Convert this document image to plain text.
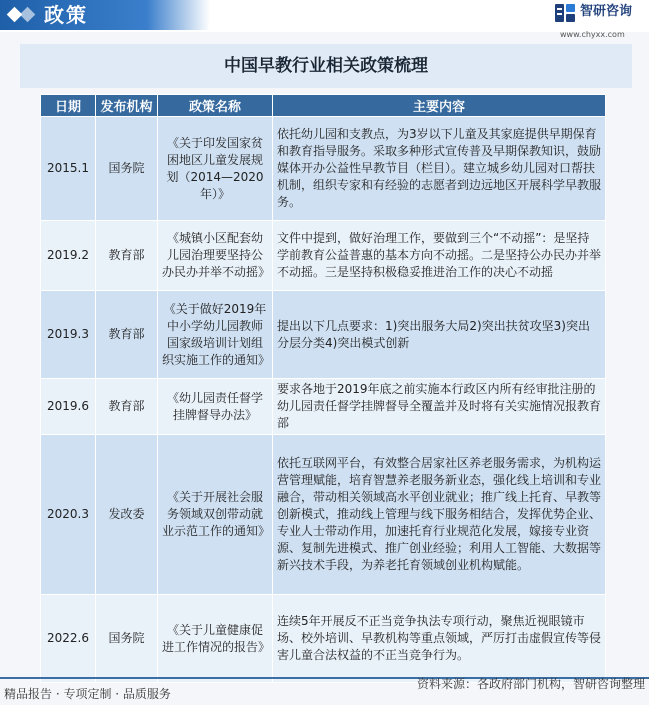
政策	智研咨询
www.chyxx.com
中国早教行业相关政策梳理
日期	发布机构	政策名称	主要内容
2015.1	国务院	《关于印发国家贫困地区儿童发展规划（2014—2020年）》	依托幼儿园和支教点，为3岁以下儿童及其家庭提供早期保育和教育指导服务。采取多种形式宣传普及早期保教知识，鼓励媒体开办公益性早教节目（栏目）。建立城乡幼儿园对口帮扶机制，组织专家和有经验的志愿者到边远地区开展科学早教服务。
2019.2	教育部	《城镇小区配套幼儿园治理要坚持公办民办并举不动摇》	文件中提到，做好治理工作，要做到三个“不动摇”：是坚持学前教育公益普惠的基本方向不动摇。二是坚持公办民办并举不动摇。三是坚持积极稳妥推进治工作的决心不动摇
2019.3	教育部	《关于做好2019年中小学幼儿园教师国家级培训计划组织实施工作的通知》	提出以下几点要求：1)突出服务大局2)突出扶贫攻坚3)突出分层分类4)突出模式创新
2019.6	教育部	《幼儿园责任督学挂牌督导办法》	要求各地于2019年底之前实施本行政区内所有经审批注册的幼儿园责任督学挂牌督导全覆盖并及时将有关实施情况报教育部
2020.3	发改委	《关于开展社会服务领域双创带动就业示范工作的通知》	依托互联网平台，有效整合居家社区养老服务需求，为机构运营管理赋能，培育智慧养老服务新业态，强化线上培训和专业融合，带动相关领域高水平创业就业；推广线上托育、早教等创新模式，推动线上管理与线下服务相结合，发挥优势企业、专业人士带动作用，加速托育行业规范化发展，嫁接专业资源、复制先进模式、推广创业经验；利用人工智能、大数据等新兴技术手段，为养老托育领域创业机构赋能。
2022.6	国务院	《关于儿童健康促进工作情况的报告》	连续5年开展反不正当竞争执法专项行动，聚焦近视眼镜市场、校外培训、早教机构等重点领域，严厉打击虚假宣传等侵害儿童合法权益的不正当竞争行为。
精品报告 · 专项定制 · 品质服务
资料来源：各政府部门机构，智研咨询整理
